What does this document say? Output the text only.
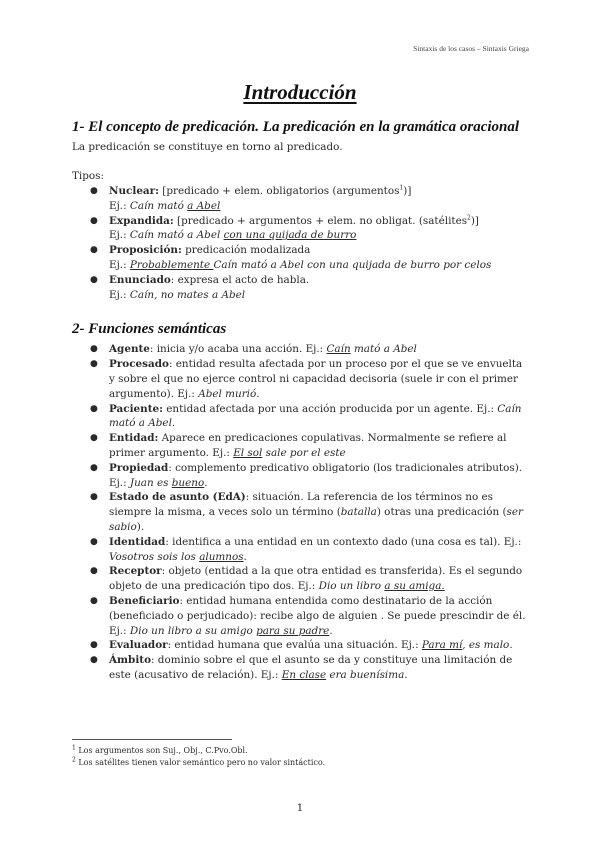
Sintaxis de los casos – Sintaxis Griega
Introducción
1- El concepto de predicación. La predicación en la gramática oracional

La predicación se constituye en torno al predicado.

Tipos:

● Nuclear: [predicado + elem. obligatorios (argumentos$^1$)]
Ej.: Caín mató a Abel
● Expandida: [predicado + argumentos + elem. no obligat. (satélites$^2$)]
Ej.: Caín mató a Abel con una quijada de burro
● Proposición: predicación modalizada
Ej.: Probablemente Caín mató a Abel con una quijada de burro por celos
● Enunciado: expresa el acto de habla.
Ej.: Caín, no mates a Abel
2- Funciones semánticas
● Agente: inicia y/o acaba una acción. Ej.: Caín mató a Abel
● Procesado: entidad resulta afectada por un proceso por el que se ve envuelta y sobre el que no ejerce control ni capacidad decisoria (suele ir con el primer argumento). Ej.: Abel murió.
● Paciente: entidad afectada por una acción producida por un agente. Ej.: Caín mató a Abel.
● Entidad: Aparece en predicaciones copulativas. Normalmente se refiere al primer argumento. Ej.: El sol sale por el este
● Propiedad: complemento predicativo obligatorio (los tradicionales atributos). Ej.: Juan es bueno.
● Estado de asunto (EdA): situación. La referencia de los términos no es siempre la misma, a veces solo un término (batalla) otras una predicación (ser sabio).
● Identidad: identifica a una entidad en un contexto dado (una cosa es tal). Ej.: Vosotros sois los alumnos.
● Receptor: objeto (entidad a la que otra entidad es transferida). Es el segundo objeto de una predicación tipo dos. Ej.: Dio un libro a su amiga.
● Beneficiario: entidad humana entendida como destinatario de la acción (beneficiado o perjudicado): recibe algo de alguien . Se puede prescindir de él. Ej.: Dio un libro a su amigo para su padre.
● Evaluador: entidad humana que evalúa una situación. Ej.: Para mí, es malo.
● Ámbito: dominio sobre el que el asunto se da y constituye una limitación de este (acusativo de relación). Ej.: En clase era buenísima.
$^1$ Los argumentos son Suj., Obj., C.Pvo.Obl.
$^2$ Los satélites tienen valor semántico pero no valor sintáctico.
1
